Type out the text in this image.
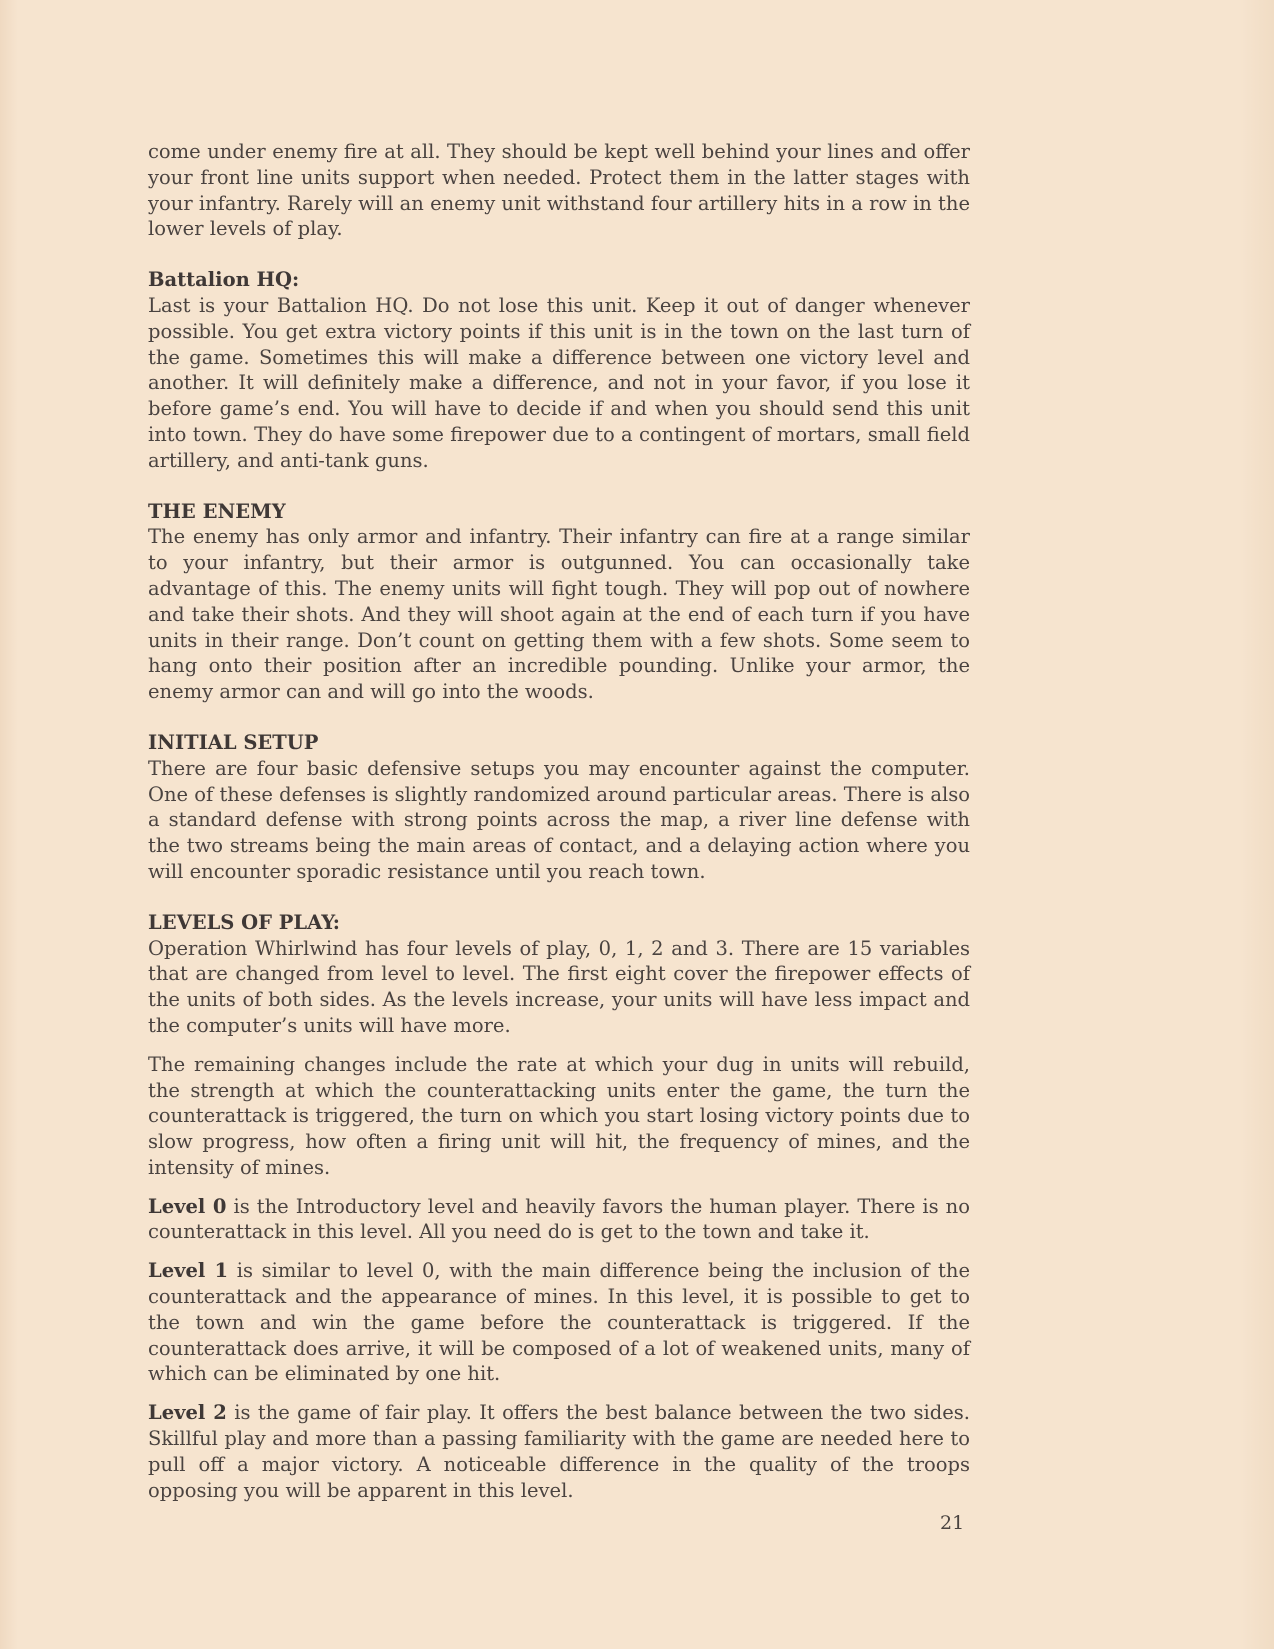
come under enemy fire at all. They should be kept well behind your lines and offer your front line units support when needed. Protect them in the latter stages with your infantry. Rarely will an enemy unit withstand four artillery hits in a row in the lower levels of play.

Battalion HQ:

Last is your Battalion HQ. Do not lose this unit. Keep it out of danger whenever possible. You get extra victory points if this unit is in the town on the last turn of the game. Sometimes this will make a difference between one victory level and another. It will definitely make a difference, and not in your favor, if you lose it before game’s end. You will have to decide if and when you should send this unit into town. They do have some firepower due to a contingent of mortars, small field artillery, and anti-tank guns.

THE ENEMY

The enemy has only armor and infantry. Their infantry can fire at a range similar to your infantry, but their armor is outgunned. You can occasionally take advantage of this. The enemy units will fight tough. They will pop out of nowhere and take their shots. And they will shoot again at the end of each turn if you have units in their range. Don’t count on getting them with a few shots. Some seem to hang onto their position after an incredible pounding. Unlike your armor, the enemy armor can and will go into the woods.

INITIAL SETUP

There are four basic defensive setups you may encounter against the computer. One of these defenses is slightly randomized around particular areas. There is also a standard defense with strong points across the map, a river line defense with the two streams being the main areas of contact, and a delaying action where you will encounter sporadic resistance until you reach town.

LEVELS OF PLAY:

Operation Whirlwind has four levels of play, 0, 1, 2 and 3. There are 15 variables that are changed from level to level. The first eight cover the firepower effects of the units of both sides. As the levels increase, your units will have less impact and the computer’s units will have more.

The remaining changes include the rate at which your dug in units will rebuild, the strength at which the counterattacking units enter the game, the turn the counterattack is triggered, the turn on which you start losing victory points due to slow progress, how often a firing unit will hit, the frequency of mines, and the intensity of mines.

Level 0 is the Introductory level and heavily favors the human player. There is no counterattack in this level. All you need do is get to the town and take it.

Level 1 is similar to level 0, with the main difference being the inclusion of the counterattack and the appearance of mines. In this level, it is possible to get to the town and win the game before the counterattack is triggered. If the counterattack does arrive, it will be composed of a lot of weakened units, many of which can be eliminated by one hit.

Level 2 is the game of fair play. It offers the best balance between the two sides. Skillful play and more than a passing familiarity with the game are needed here to pull off a major victory. A noticeable difference in the quality of the troops opposing you will be apparent in this level.

21
